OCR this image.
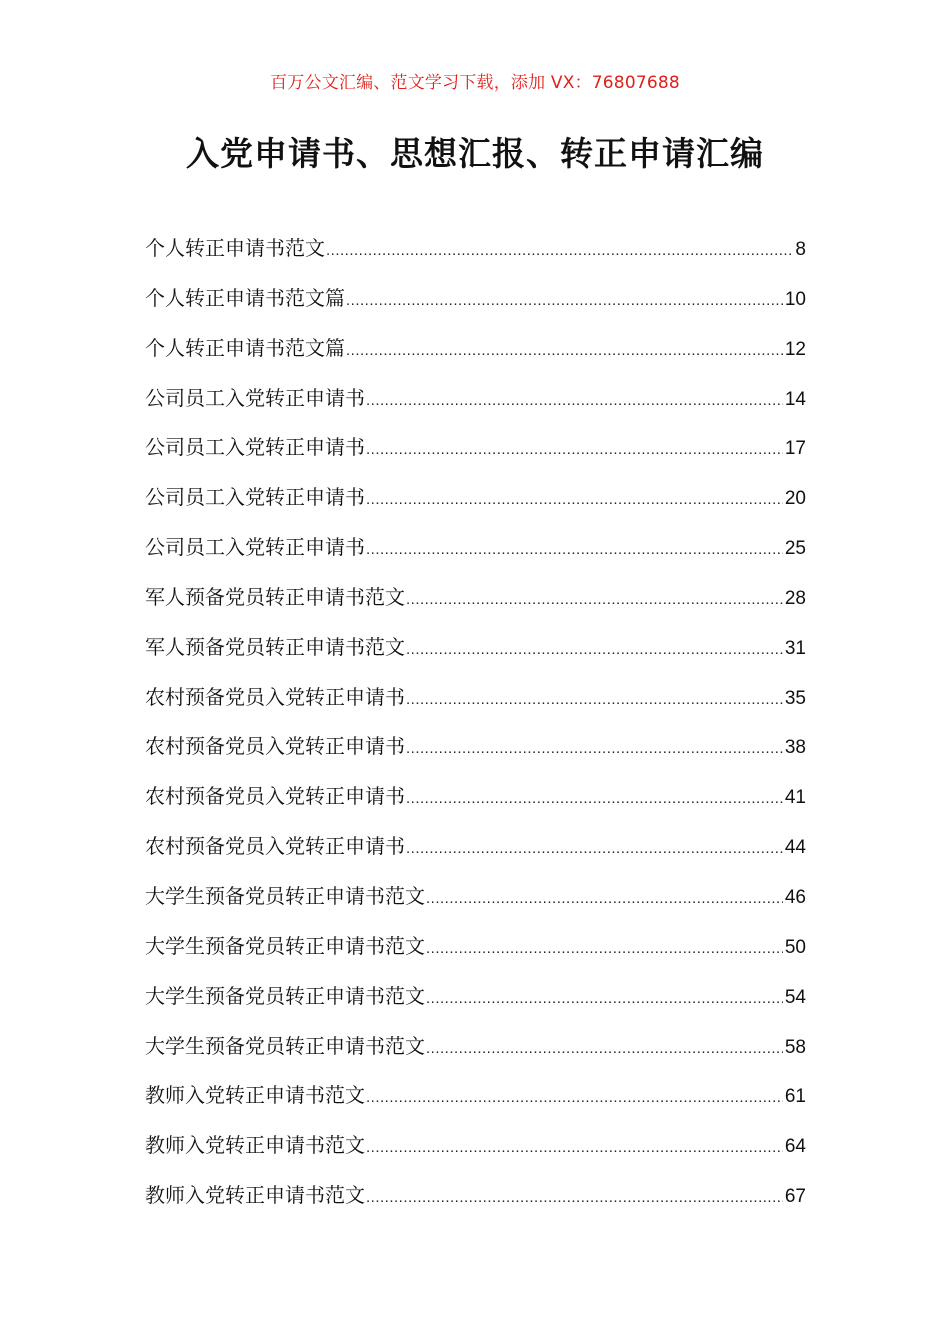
百万公文汇编、范文学习下载，添加 VX：76807688
入党申请书、思想汇报、转正申请汇编
个人转正申请书范文 .....	8
个人转正申请书范文篇 .....	10
个人转正申请书范文篇 .....	12
公司员工入党转正申请书 .....	14
公司员工入党转正申请书 .....	17
公司员工入党转正申请书 .....	20
公司员工入党转正申请书 .....	25
军人预备党员转正申请书范文 .....	28
军人预备党员转正申请书范文 .....	31
农村预备党员入党转正申请书 .....	35
农村预备党员入党转正申请书 .....	38
农村预备党员入党转正申请书 .....	41
农村预备党员入党转正申请书 .....	44
大学生预备党员转正申请书范文 .....	46
大学生预备党员转正申请书范文 .....	50
大学生预备党员转正申请书范文 .....	54
大学生预备党员转正申请书范文 .....	58
教师入党转正申请书范文 .....	61
教师入党转正申请书范文 .....	64
教师入党转正申请书范文 .....	67
